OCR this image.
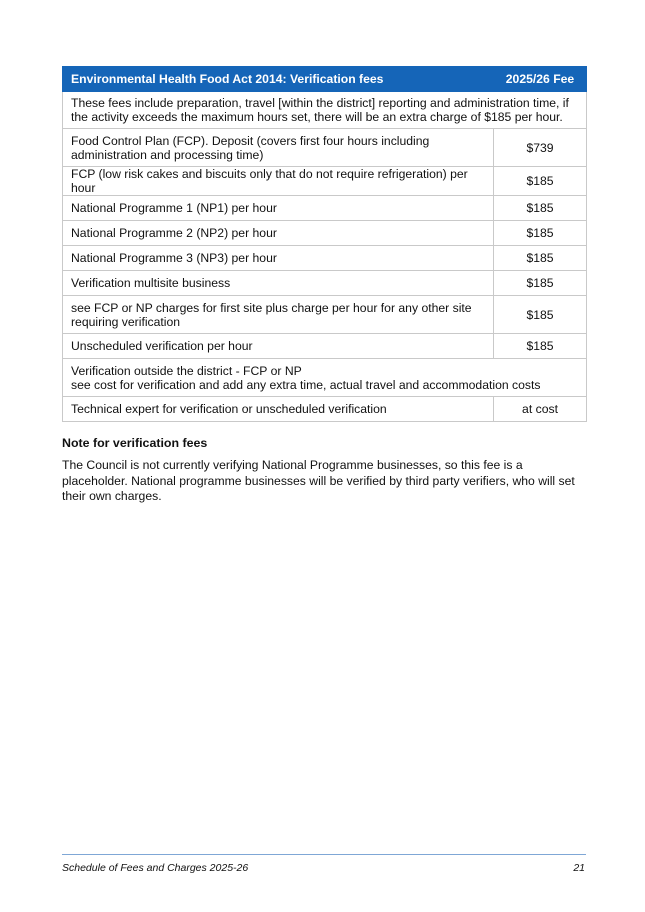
Environmental Health Food Act 2014: Verification fees	2025/26 Fee
These fees include preparation, travel [within the district] reporting and administration time, if the activity exceeds the maximum hours set, there will be an extra charge of $185 per hour.	
Food Control Plan (FCP). Deposit (covers first four hours including administration and processing time)	$739
FCP (low risk cakes and biscuits only that do not require refrigeration) per hour	$185
National Programme 1 (NP1) per hour	$185
National Programme 2 (NP2) per hour	$185
National Programme 3 (NP3) per hour	$185
Verification multisite business	$185
see FCP or NP charges for first site plus charge per hour for any other site requiring verification	$185
Unscheduled verification per hour	$185

Verification outside the district - FCP or NP
see cost for verification and add any extra time, actual travel and accommodation costs	

Technical expert for verification or unscheduled verification	at cost

Note for verification fees

The Council is not currently verifying National Programme businesses, so this fee is a placeholder. National programme businesses will be verified by third party verifiers, who will set their own charges.

Schedule of Fees and Charges 2025-26	21
